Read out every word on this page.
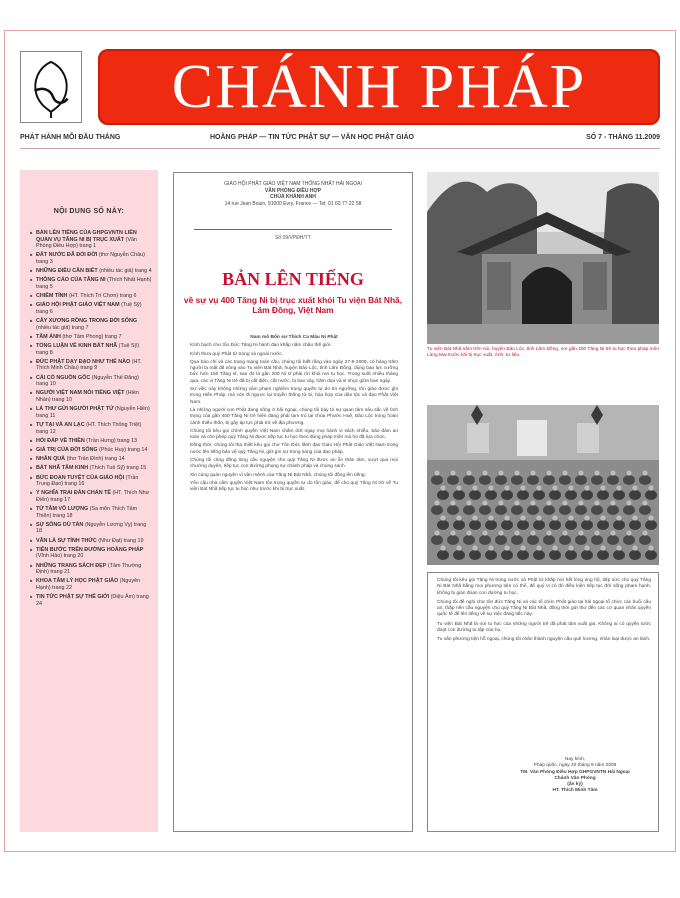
CHÁNH PHÁP
PHÁT HÀNH MỖI ĐẦU THÁNG	HOẰNG PHÁP — TIN TỨC PHẬT SỰ — VĂN HỌC PHẬT GIÁO	SỐ 7 - THÁNG 11.2009
NỘI DUNG SỐ NÀY:
■ BẢN LÊN TIẾNG CỦA GHPGVNTN LIÊN QUAN VỤ TĂNG NI BỊ TRỤC XUẤT (Văn Phòng Điều Hợp) trang 1
■ ĐẤT NƯỚC ĐÃ ĐỔI ĐỜI (thơ Nguyễn Châu) trang 3
■ NHỮNG ĐIỀU CẦN BIẾT (nhiều tác giả) trang 4
■ THÔNG CÁO CỦA TĂNG NI (Thích Nhất Hạnh) trang 5
■ CHIÊM TỈNH (HT. Thích Trí Chơn) trang 6
■ GIÁO HỘI PHẬT GIÁO VIỆT NAM (Tuệ Sỹ) trang 6
■ CÂY XƯƠNG RỒNG TRONG ĐỜI SỐNG (nhiều tác giả) trang 7
■ TÂM ẢNH (thơ Tâm Phong) trang 7
■ TỔNG LUẬN VỀ KINH BÁT NHÃ (Tuệ Sỹ) trang 8
■ ĐỨC PHẬT DẠY ĐẠO NHƯ THẾ NÀO (HT. Thích Minh Châu) trang 9
■ CÁI CÓ NGUỒN GỐC (Nguyễn Thế Đăng) trang 10
■ NGƯỜI VIỆT NAM NÓI TIẾNG VIỆT (Hiền Nhân) trang 10
■ LÁ THƯ GỬI NGƯỜI PHẬT TỬ (Nguyễn Hiền) trang 11
■ TỰ TẠI VÀ AN LẠC (HT. Thích Thông Triệt) trang 12
■ HỎI ĐÁP VỀ THIỀN (Trần Hưng) trang 13
■ GIÁ TRỊ CỦA ĐỜI SỐNG (Phúc Huy) trang 14
■ NHÂN QUẢ (thơ Trần Đình) trang 14
■ BÁT NHÃ TÂM KINH (Thích Tuệ Sỹ) trang 15
■ BỨC ĐOẠN TUYỆT CỦA GIÁO HỘI (Trần Trung Đạo) trang 16
■ Ý NGHĨA TRAI ĐÀN CHẨN TẾ (HT. Thích Như Điển) trang 17
■ TỨ TÂM VÔ LƯỢNG (Sa môn Thích Tâm Thiện) trang 18
■ SỰ SỐNG DÙ TÀN (Nguyễn Lương Vỵ) trang 18
■ VĂN LÀ SỰ TỈNH THỨC (Như Đạt) trang 19
■ TIẾN BƯỚC TRÊN ĐƯỜNG HOẰNG PHÁP (Vĩnh Hảo) trang 20
■ NHỮNG TRANG SÁCH ĐẸP (Tâm Thường Định) trang 21
■ KHOA TÂM LÝ HỌC PHẬT GIÁO (Nguyên Hạnh) trang 22
■ TIN TỨC PHẬT SỰ THẾ GIỚI (Diệu Âm) trang 24
GIÁO HỘI PHẬT GIÁO VIỆT NAM THỐNG NHẤT HẢI NGOẠI
VĂN PHÒNG ĐIỀU HỢP
CHÙA KHÁNH ANH
14 rue Jean Bouin, 91000 Evry, France — Tel: 01 60 77 22 58
Số 09/VPĐH/TT
BẢN LÊN TIẾNG
về sự vụ 400 Tăng Ni bị trục xuất khỏi Tu viện Bát Nhã, Lâm Đồng, Việt Nam

Nam mô Bổn sư Thích Ca Mâu Ni Phật

Kính bạch chư tôn Đức Tăng Ni hành đạo khắp năm châu thế giới.

Kính thưa quý Phật tử trong và ngoài nước,

Qua báo chí và các trang mạng toàn cầu, chúng tôi biết rằng vào ngày 27-9-2009, có hàng trăm người lạ mặt đã xông vào Tu viện Bát Nhã, huyện Bảo Lộc, tỉnh Lâm Đồng, dùng bạo lực cưỡng bức hơn 150 Tăng sĩ, sau đó là gần 200 Ni sĩ phải rời khỏi nơi tu học. Trong suốt nhiều tháng qua, các vị Tăng Ni trẻ đã bị cắt điện, cắt nước, bị bao vây, hăm dọa và sỉ nhục giữa ban ngày.

Sự việc này không những xâm phạm nghiêm trọng quyền tự do tín ngưỡng, tôn giáo được ghi trong Hiến Pháp, mà còn đi ngược lại truyền thống từ bi, hòa hợp của dân tộc và đạo Phật Việt Nam.

Là những người con Phật đang sống ở hải ngoại, chúng tôi bày tỏ sự quan tâm sâu sắc về tình trạng của gần 400 Tăng Ni trẻ hiện đang phải tạm trú tại chùa Phước Huệ, Bảo Lộc trong hoàn cảnh thiếu thốn, bị gây áp lực phải trở về địa phương.

Chúng tôi kêu gọi chính quyền Việt Nam chấm dứt ngay mọi hành vi sách nhiễu, bảo đảm an toàn và cho phép quý Tăng Ni được tiếp tục tu học theo đúng pháp môn mà họ đã lựa chọn.

Đồng thời, chúng tôi tha thiết kêu gọi chư Tôn Đức lãnh đạo Giáo Hội Phật Giáo Việt Nam trong nước lên tiếng bảo vệ quý Tăng Ni, giữ gìn sự trong sáng của đạo pháp.

Chúng tôi cũng đồng lòng cầu nguyện cho quý Tăng Ni được an ổn thân tâm, vượt qua mọi chướng duyên, tiếp tục con đường phụng sự chánh pháp và chúng sanh.

Xin cùng quán nguyện vì vận mệnh của Tăng Ni Bát Nhã, chúng tôi đồng lên tiếng:

Yêu cầu nhà cầm quyền Việt Nam tôn trọng quyền tự do tôn giáo, để cho quý Tăng Ni trở về Tu viện Bát Nhã tiếp tục tu học như trước khi bị trục xuất.

Tu viện Bát Nhã nằm trên núi, huyện Bảo Lộc, tỉnh Lâm Đồng, nơi gần 400 Tăng Ni trẻ tu học theo pháp môn Làng Mai trước khi bị trục xuất. Ảnh: tư liệu.

Chúng tôi kêu gọi Tăng Ni trong nước và Phật tử khắp nơi hết lòng ủng hộ, tiếp sức cho quý Tăng Ni Bát Nhã bằng mọi phương tiện có thể, để quý vị có đủ điều kiện tiếp tục đời sống phạm hạnh, không bị gián đoạn con đường tu học.

Chúng tôi đề nghị chư tôn đức Tăng Ni và các tổ chức Phật giáo tại hải ngoại tổ chức các buổi cầu an, thắp nến cầu nguyện cho quý Tăng Ni Bát Nhã, đồng thời gửi thư đến các cơ quan nhân quyền quốc tế để lên tiếng về sự việc đáng tiếc này.

Tu viện Bát Nhã là nơi tu học của những người trẻ đã phát tâm xuất gia. Không ai có quyền tước đoạt con đường tu tập của họ.

Tu vấn phương tiện hỗ ngoại, chúng tôi chân thành nguyện cầu quê hương, nhân loại được an lành.

Nay kính,
Pháp quốc, ngày 20 tháng 9 năm 2009
TM. Văn Phòng Điều Hợp GHPGVNTN Hải Ngoại
Chánh Văn Phòng
(ấn ký)
HT. Thích Minh Tâm
